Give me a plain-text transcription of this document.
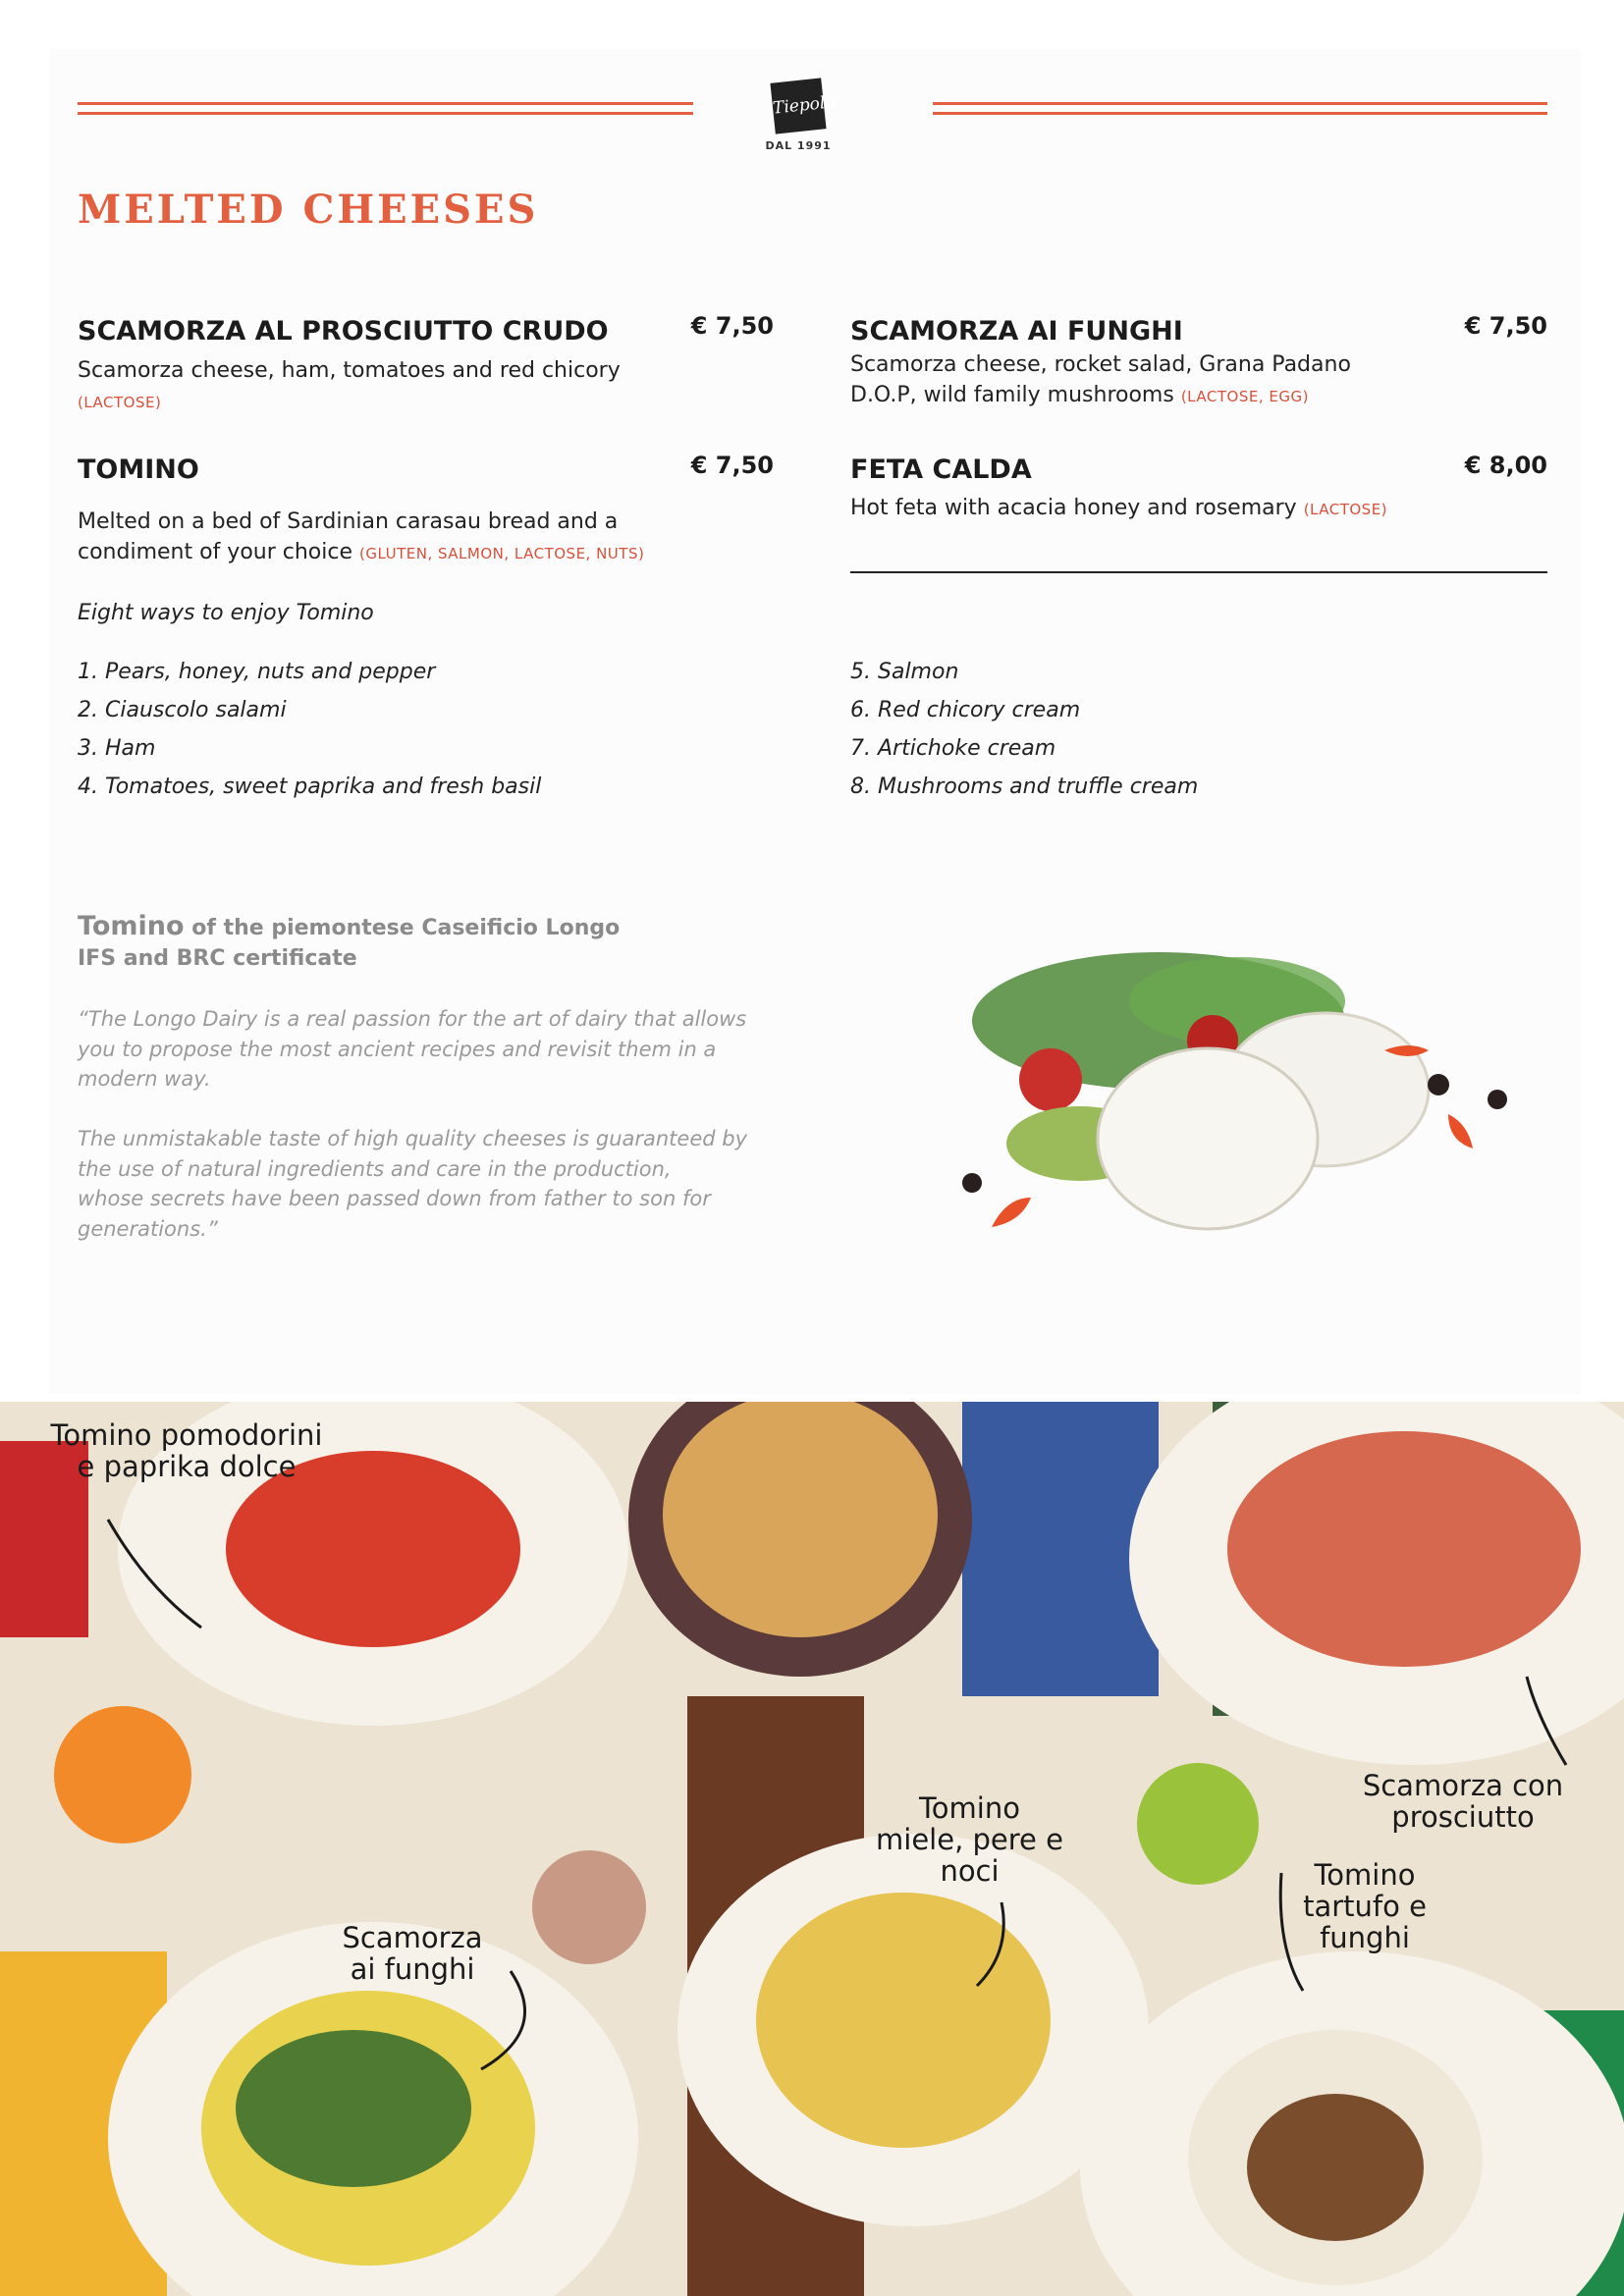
Tiepolo
DAL 1991
MELTED CHEESES
SCAMORZA AL PROSCIUTTO CRUDO	€ 7,50
Scamorza cheese, ham, tomatoes and red chicory
(LACTOSE)
SCAMORZA AI FUNGHI	€ 7,50
Scamorza cheese, rocket salad, Grana Padano
D.O.P, wild family mushrooms (LACTOSE, EGG)
TOMINO	€ 7,50
Melted on a bed of Sardinian carasau bread and a
condiment of your choice (GLUTEN, SALMON, LACTOSE, NUTS)
FETA CALDA	€ 8,00
Hot feta with acacia honey and rosemary (LACTOSE)
Eight ways to enjoy Tomino
1. Pears, honey, nuts and pepper
2. Ciauscolo salami
3. Ham
4. Tomatoes, sweet paprika and fresh basil
5. Salmon
6. Red chicory cream
7. Artichoke cream
8. Mushrooms and truffle cream
Tomino of the piemontese Caseificio Longo
IFS and BRC certificate
“The Longo Dairy is a real passion for the art of dairy that allows
you to propose the most ancient recipes and revisit them in a
modern way.
The unmistakable taste of high quality cheeses is guaranteed by
the use of natural ingredients and care in the production,
whose secrets have been passed down from father to son for
generations.”
Tomino pomodorini
e paprika dolce
Scamorza con
prosciutto
Tomino
miele, pere e
noci	Tomino
tartufo e
funghi
Scamorza
ai funghi
